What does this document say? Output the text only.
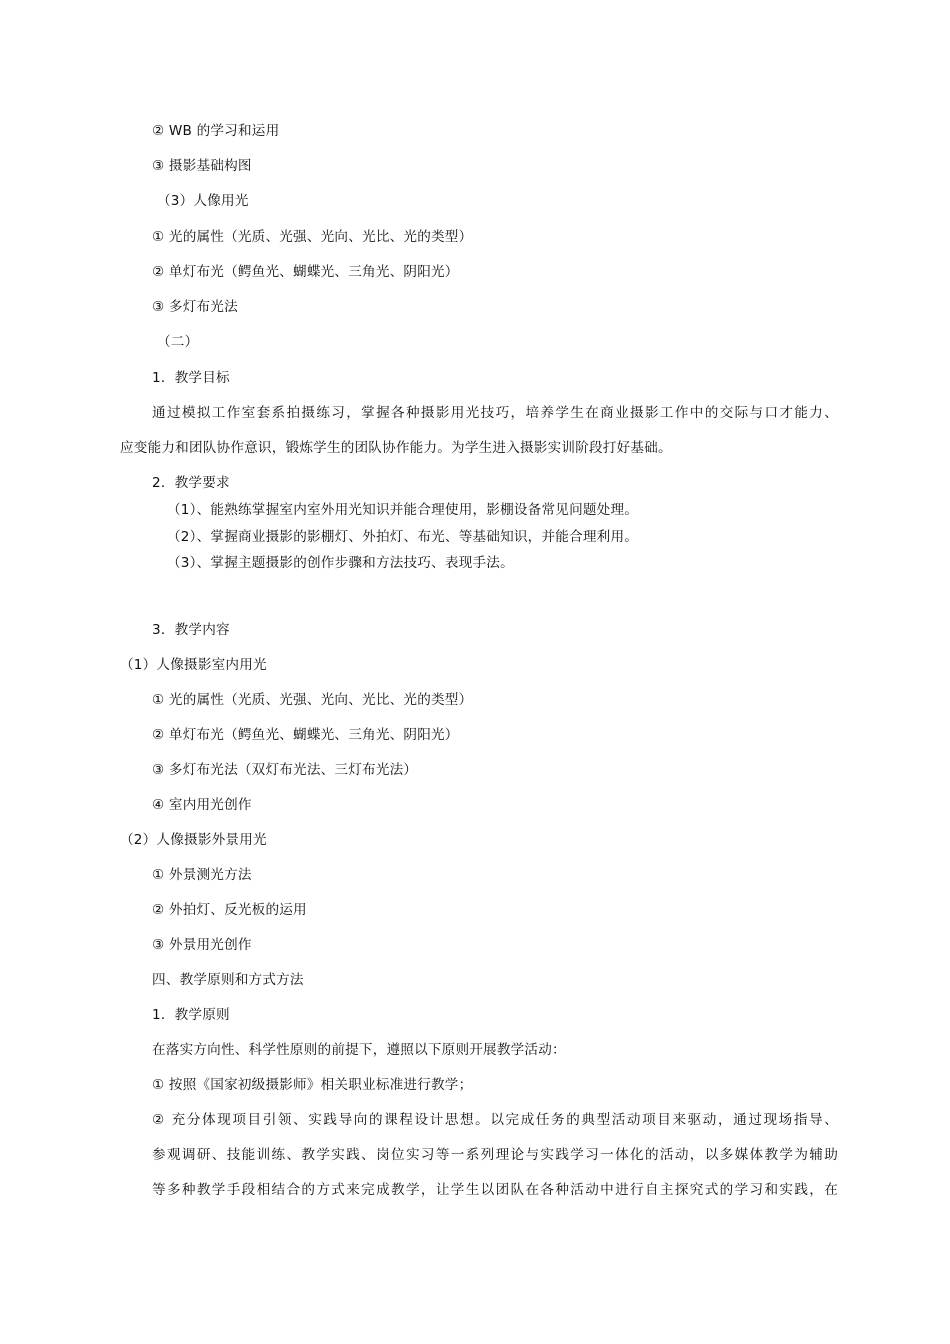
② WB 的学习和运用
③ 摄影基础构图
（3）人像用光
① 光的属性（光质、光强、光向、光比、光的类型）
② 单灯布光（鳄鱼光、蝴蝶光、三角光、阴阳光）
③ 多灯布光法
（二）
1．教学目标
通过模拟工作室套系拍摄练习，掌握各种摄影用光技巧，培养学生在商业摄影工作中的交际与口才能力、
应变能力和团队协作意识，锻炼学生的团队协作能力。为学生进入摄影实训阶段打好基础。
2．教学要求
（1）、能熟练掌握室内室外用光知识并能合理使用，影棚设备常见问题处理。
（2）、掌握商业摄影的影棚灯、外拍灯、布光、等基础知识，并能合理利用。
（3）、掌握主题摄影的创作步骤和方法技巧、表现手法。
3．教学内容
（1）人像摄影室内用光
① 光的属性（光质、光强、光向、光比、光的类型）
② 单灯布光（鳄鱼光、蝴蝶光、三角光、阴阳光）
③ 多灯布光法（双灯布光法、三灯布光法）
④ 室内用光创作
（2）人像摄影外景用光
① 外景测光方法
② 外拍灯、反光板的运用
③ 外景用光创作
四、教学原则和方式方法
1．教学原则
在落实方向性、科学性原则的前提下，遵照以下原则开展教学活动：
① 按照《国家初级摄影师》相关职业标准进行教学；
② 充分体现项目引领、实践导向的课程设计思想。以完成任务的典型活动项目来驱动，通过现场指导、
参观调研、技能训练、教学实践、岗位实习等一系列理论与实践学习一体化的活动，以多媒体教学为辅助
等多种教学手段相结合的方式来完成教学，让学生以团队在各种活动中进行自主探究式的学习和实践，在
